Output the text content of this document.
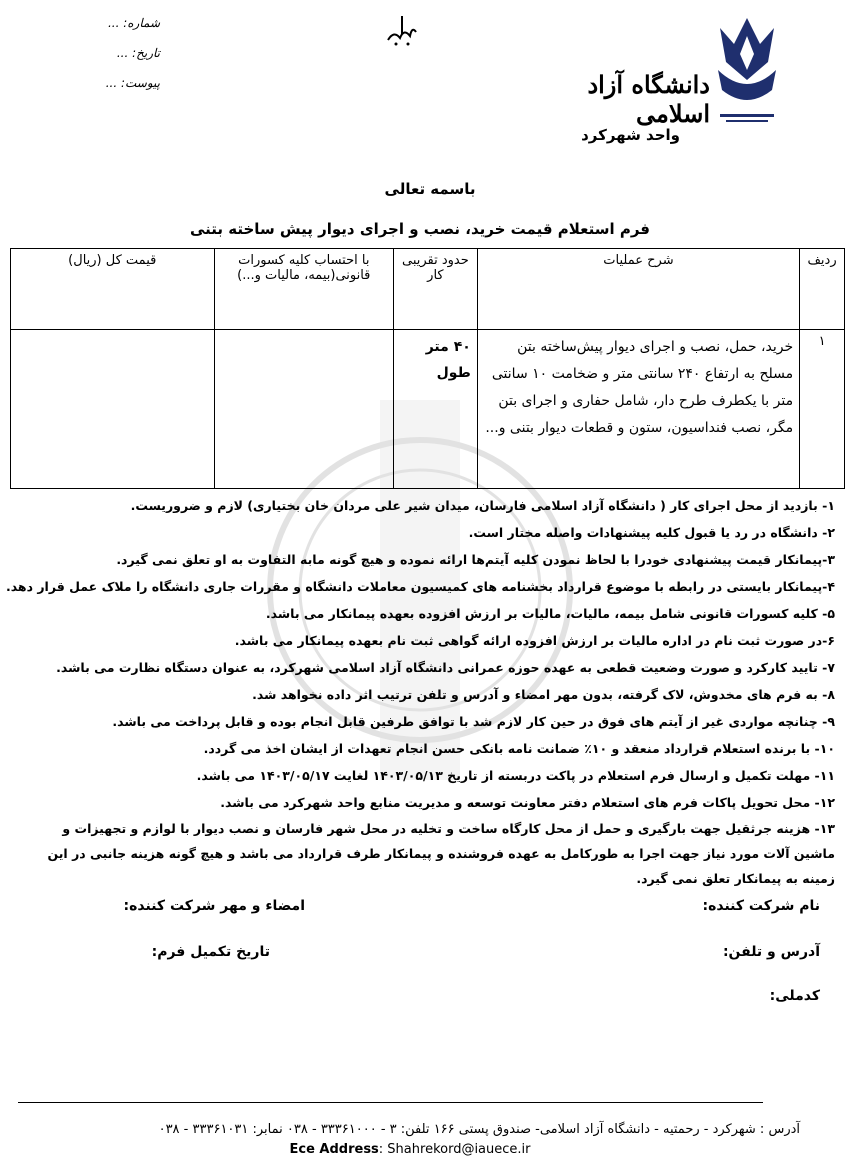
شماره: ...
تاریخ: ...
پیوست: ...	دانشگاه آزاد اسلامی
واحد شهرکرد
باسمه تعالی
فرم استعلام قیمت خرید، نصب و اجرای دیوار پیش ساخته بتنی
ردیف	شرح عملیات	حدود تقریبی کار	با احتساب کلیه کسورات قانونی(بیمه، مالیات و...)	قیمت کل (ریال)
۱	خرید، حمل، نصب و اجرای دیوار پیش‌ساخته بتن مسلح به ارتفاع ۲۴۰ سانتی متر و ضخامت ۱۰ سانتی متر با یکطرف طرح دار، شامل حفاری و اجرای بتن مگر، نصب فنداسیون، ستون و قطعات دیوار بتنی و...	۴۰ متر طول		

۱- بازدید از محل اجرای کار ( دانشگاه آزاد اسلامی فارسان، میدان شیر علی مردان خان بختیاری) لازم و ضروریست.

۲- دانشگاه در رد یا قبول کلیه پیشنهادات واصله مختار است.

۳-پیمانکار قیمت پیشنهادی خودرا با لحاظ نمودن کلیه آیتم‌ها ارائه نموده و هیچ گونه مابه التفاوت به او تعلق نمی گیرد.

۴-پیمانکار بایستی در رابطه با موضوع قرارداد بخشنامه های کمیسیون معاملات دانشگاه و مقررات جاری دانشگاه را ملاک عمل قرار دهد.

۵- کلیه کسورات قانونی شامل بیمه، مالیات، مالیات بر ارزش افزوده بعهده پیمانکار می باشد.

۶-در صورت ثبت نام در اداره مالیات بر ارزش افزوده ارائه گواهی ثبت نام بعهده پیمانکار می باشد.

۷- تایید کارکرد و صورت وضعیت قطعی به عهده حوزه عمرانی دانشگاه آزاد اسلامی شهرکرد، به عنوان دستگاه نظارت می باشد.

۸- به فرم های مخدوش، لاک گرفته، بدون مهر امضاء و آدرس و تلفن ترتیب اثر داده نخواهد شد.

۹- چنانچه مواردی غیر از آیتم های فوق در حین کار لازم شد با توافق طرفین قابل انجام بوده و قابل پرداخت می باشد.

۱۰- با برنده استعلام قرارداد منعقد و ۱۰٪ ضمانت نامه بانکی حسن انجام تعهدات از ایشان اخذ می گردد.

۱۱- مهلت تکمیل و ارسال فرم استعلام در پاکت دربسته از تاریخ ۱۴۰۳/۰۵/۱۳ لغایت ۱۴۰۳/۰۵/۱۷ می باشد.

۱۲- محل تحویل پاکات فرم های استعلام دفتر معاونت توسعه و مدیریت منابع واحد شهرکرد می باشد.

۱۳- هزینه جرثقیل جهت بارگیری و حمل از محل کارگاه ساخت و تخلیه در محل شهر فارسان و نصب دیوار با لوازم و تجهیزات و ماشین آلات مورد نیاز جهت اجرا به طورکامل به عهده فروشنده و پیمانکار طرف قرارداد می باشد و هیچ گونه هزینه جانبی در این زمینه به پیمانکار تعلق نمی گیرد.

نام شرکت کننده:
امضاء و مهر شرکت کننده:
آدرس و تلفن:
تاریخ تکمیل فرم:
کدملی:
آدرس : شهرکرد - رحمتیه - دانشگاه آزاد اسلامی- صندوق پستی ۱۶۶ تلفن: ۳ - ۳۳۳۶۱۰۰۰ - ۰۳۸ نمابر: ۳۳۳۶۱۰۳۱ - ۰۳۸
Ece Address: Shahrekord@iauece.ir
